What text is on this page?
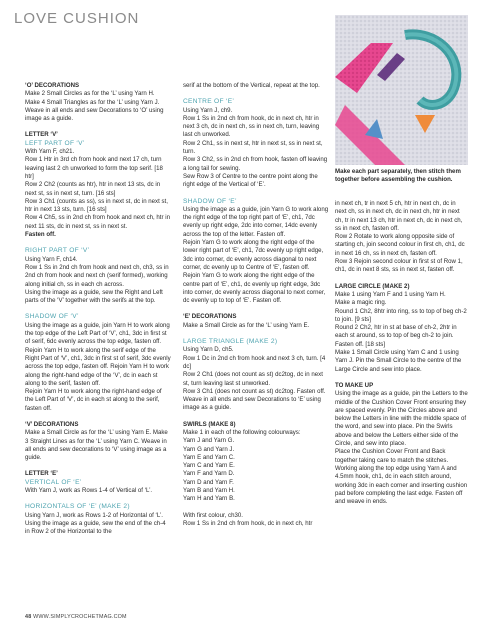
LOVE CUSHION
Make each part separately, then stitch them together before assembling the cushion.

‘O’ DECORATIONS

Make 2 Small Circles as for the ‘L’ using Yarn H. Make 4 Small Triangles as for the ‘L’ using Yarn J. Weave in all ends and sew Decorations to ‘O’ using image as a guide.

LETTER ‘V’

LEFT PART OF ‘V’

With Yarn F, ch21.
Row 1 Htr in 3rd ch from hook and next 17 ch, turn leaving last 2 ch unworked to form the top serif. [18 htr]
Row 2 Ch2 (counts as htr), htr in next 13 sts, dc in next st, ss in next st, turn. [16 sts]
Row 3 Ch1 (counts as ss), ss in next st, dc in next st, htr in next 13 sts, turn. [16 sts]
Row 4 Ch5, ss in 2nd ch from hook and next ch, htr in next 11 sts, dc in next st, ss in next st.
Fasten off.

RIGHT PART OF ‘V’

Using Yarn F, ch14.
Row 1 Ss in 2nd ch from hook and next ch, ch3, ss in 2nd ch from hook and next ch (serif formed), working along initial ch, ss in each ch across.
Using the image as a guide, sew the Right and Left parts of the ‘V’ together with the serifs at the top.

SHADOW OF ‘V’

Using the image as a guide, join Yarn H to work along the top edge of the Left Part of ‘V’, ch1, 3dc in first st of serif, 6dc evenly across the top edge, fasten off.
Rejoin Yarn H to work along the serif edge of the Right Part of ‘V’, ch1, 3dc in first st of serif, 3dc evenly across the top edge, fasten off. Rejoin Yarn H to work along the right-hand edge of the ‘V’, dc in each st along to the serif, fasten off.
Rejoin Yarn H to work along the right-hand edge of the Left Part of ‘V’, dc in each st along to the serif, fasten off.

‘V’ DECORATIONS

Make a Small Circle as for the ‘L’ using Yarn E. Make 3 Straight Lines as for the ‘L’ using Yarn C. Weave in all ends and sew decorations to ‘V’ using image as a guide.

LETTER ‘E’

VERTICAL OF ‘E’

With Yarn J, work as Rows 1-4 of Vertical of ‘L’.

HORIZONTALS OF ‘E’ (MAKE 2)

Using Yarn J, work as Rows 1-2 of Horizontal of ‘L’. Using the image as a guide, sew the end of the ch-4 in Row 2 of the Horizontal to the

serif at the bottom of the Vertical, repeat at the top.

CENTRE OF ‘E’

Using Yarn J, ch9.
Row 1 Ss in 2nd ch from hook, dc in next ch, htr in next 3 ch, dc in next ch, ss in next ch, turn, leaving last ch unworked.
Row 2 Ch1, ss in next st, htr in next st, ss in next st, turn.
Row 3 Ch2, ss in 2nd ch from hook, fasten off leaving a long tail for sewing.
Sew Row 3 of Centre to the centre point along the right edge of the Vertical of ‘E’.

SHADOW OF ‘E’

Using the image as a guide, join Yarn G to work along the right edge of the top right part of ‘E’, ch1, 7dc evenly up right edge, 2dc into corner, 14dc evenly across the top of the letter. Fasten off.
Rejoin Yarn G to work along the right edge of the lower right part of ‘E’, ch1, 7dc evenly up right edge, 3dc into corner, dc evenly across diagonal to next corner, dc evenly up to Centre of ‘E’, fasten off.
Rejoin Yarn G to work along the right edge of the centre part of ‘E’, ch1, dc evenly up right edge, 3dc into corner, dc evenly across diagonal to next corner, dc evenly up to top of ‘E’. Fasten off.

‘E’ DECORATIONS

Make a Small Circle as for the ‘L’ using Yarn E.

LARGE TRIANGLE (MAKE 2)

Using Yarn D, ch5.
Row 1 Dc in 2nd ch from hook and next 3 ch, turn. [4 dc]
Row 2 Ch1 (does not count as st) dc2tog, dc in next st, turn leaving last st unworked.
Row 3 Ch1 (does not count as st) dc2tog. Fasten off.
Weave in all ends and sew Decorations to ‘E’ using image as a guide.

SWIRLS (MAKE 8)

Make 1 in each of the following colourways:
Yarn J and Yarn G.
Yarn G and Yarn J.
Yarn E and Yarn C.
Yarn C and Yarn E.
Yarn F and Yarn D.
Yarn D and Yarn F.
Yarn B and Yarn H.
Yarn H and Yarn B.
With first colour, ch30.
Row 1 Ss in 2nd ch from hook, dc in next ch, htr

in next ch, tr in next 5 ch, htr in next ch, dc in next ch, ss in next ch, dc in next ch, htr in next ch, tr in next 13 ch, htr in next ch, dc in next ch, ss in next ch, fasten off.

Row 2 Rotate to work along opposite side of starting ch, join second colour in first ch, ch1, dc in next 16 ch, ss in next ch, fasten off.
Row 3 Rejoin second colour in first st of Row 1, ch1, dc in next 8 sts, ss in next st, fasten off.

LARGE CIRCLE (MAKE 2)

Make 1 using Yarn F and 1 using Yarn H.
Make a magic ring.
Round 1 Ch2, 8htr into ring, ss to top of beg ch-2 to join. [9 sts]
Round 2 Ch2, htr in st at base of ch-2, 2htr in each st around, ss to top of beg ch-2 to join. Fasten off. [18 sts]
Make 1 Small Circle using Yarn C and 1 using Yarn J. Pin the Small Circle to the centre of the Large Circle and sew into place.

TO MAKE UP

Using the image as a guide, pin the Letters to the middle of the Cushion Cover Front ensuring they are spaced evenly. Pin the Circles above and below the Letters in line with the middle space of the word, and sew into place. Pin the Swirls above and below the Letters either side of the Circle, and sew into place.
Place the Cushion Cover Front and Back together taking care to match the stitches. Working along the top edge using Yarn A and 4.5mm hook, ch1, dc in each stitch around, working 3dc in each corner and inserting cushion pad before completing the last edge. Fasten off and weave in ends.
48 WWW.SIMPLYCROCHETMAG.COM
